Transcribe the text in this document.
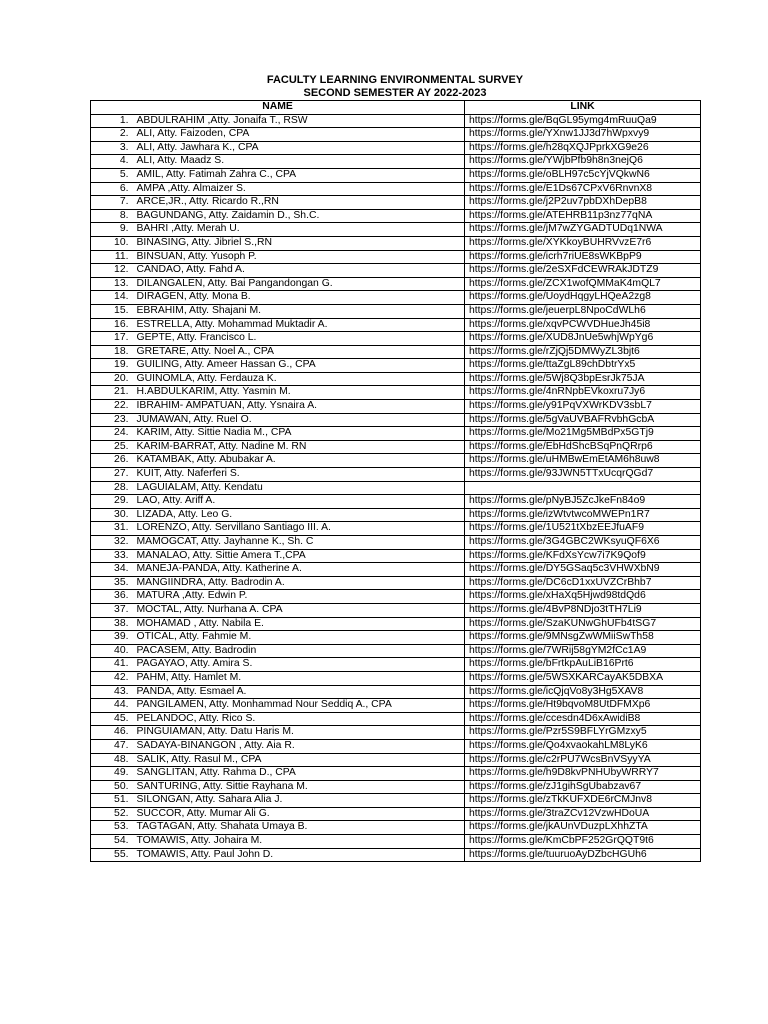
FACULTY LEARNING ENVIRONMENTAL SURVEY
SECOND SEMESTER AY 2022-2023
NAME		LINK
1.	ABDULRAHIM ,Atty. Jonaifa T., RSW	https://forms.gle/BqGL95ymg4mRuuQa9
2.	ALI, Atty. Faizoden, CPA	https://forms.gle/YXnw1JJ3d7hWpxvy9
3.	ALI, Atty. Jawhara K., CPA	https://forms.gle/h28qXQJPprkXG9e26
4.	ALI, Atty. Maadz S.	https://forms.gle/YWjbPfb9h8n3nejQ6
5.	AMIL, Atty. Fatimah Zahra C., CPA	https://forms.gle/oBLH97c5cYjVQkwN6
6.	AMPA ,Atty. Almaizer S.	https://forms.gle/E1Ds67CPxV6RnvnX8
7.	ARCE,JR., Atty. Ricardo R.,RN	https://forms.gle/j2P2uv7pbDXhDepB8
8.	BAGUNDANG, Atty. Zaidamin D., Sh.C.	https://forms.gle/ATEHRB11p3nz77qNA
9.	BAHRI ,Atty. Merah U.	https://forms.gle/jM7wZYGADTUDq1NWA
10.	BINASING, Atty. Jibriel S.,RN	https://forms.gle/XYKkoyBUHRVvzE7r6
11.	BINSUAN, Atty. Yusoph P.	https://forms.gle/icrh7riUE8sWKBpP9
12.	CANDAO, Atty. Fahd A.	https://forms.gle/2eSXFdCEWRAkJDTZ9
13.	DILANGALEN, Atty. Bai Pangandongan G.	https://forms.gle/ZCX1wofQMMaK4mQL7
14.	DIRAGEN, Atty. Mona B.	https://forms.gle/UoydHqgyLHQeA2zg8
15.	EBRAHIM, Atty. Shajani M.	https://forms.gle/jeuerpL8NpoCdWLh6
16.	ESTRELLA, Atty. Mohammad Muktadir A.	https://forms.gle/xqvPCWVDHueJh45i8
17.	GEPTE, Atty. Francisco L.	https://forms.gle/XUD8JnUe5whjWpYg6
18.	GRETARE, Atty. Noel A., CPA	https://forms.gle/rZjQj5DMWyZL3bjt6
19.	GUILING, Atty. Ameer Hassan G., CPA	https://forms.gle/ttaZgL89chDbtrYx5
20.	GUINOMLA, Atty. Ferdauza K.	https://forms.gle/5Wj8Q3bpEsrJk75JA
21.	H.ABDULKARIM, Atty. Yasmin M.	https://forms.gle/4nRNpbEVkoxru7Jy6
22.	IBRAHIM- AMPATUAN, Atty. Ysnaira A.	https://forms.gle/y91PqVXWrKDV3sbL7
23.	JUMAWAN, Atty. Ruel O.	https://forms.gle/5gVaUVBAFRvbhGcbA
24.	KARIM, Atty. Sittie Nadia M., CPA	https://forms.gle/Mo21Mg5MBdPx5GTj9
25.	KARIM-BARRAT, Atty. Nadine M. RN	https://forms.gle/EbHdShcBSqPnQRrp6
26.	KATAMBAK, Atty. Abubakar A.	https://forms.gle/uHMBwEmEtAM6h8uw8
27.	KUIT, Atty. Naferferi S.	https://forms.gle/93JWN5TTxUcqrQGd7
28.	LAGUIALAM, Atty. Kendatu	
29.	LAO, Atty. Ariff A.	https://forms.gle/pNyBJ5ZcJkeFn84o9
30.	LIZADA, Atty. Leo G.	https://forms.gle/izWtvtwcoMWEPn1R7
31.	LORENZO, Atty. Servillano Santiago III. A.	https://forms.gle/1U521tXbzEEJfuAF9
32.	MAMOGCAT, Atty. Jayhanne K., Sh. C	https://forms.gle/3G4GBC2WKsyuQF6X6
33.	MANALAO, Atty. Sittie Amera T.,CPA	https://forms.gle/KFdXsYcw7i7K9Qof9
34.	MANEJA-PANDA, Atty. Katherine A.	https://forms.gle/DY5GSaq5c3VHWXbN9
35.	MANGIINDRA, Atty. Badrodin A.	https://forms.gle/DC6cD1xxUVZCrBhb7
36.	MATURA ,Atty. Edwin P.	https://forms.gle/xHaXq5Hjwd98tdQd6
37.	MOCTAL, Atty. Nurhana A. CPA	https://forms.gle/4BvP8NDjo3tTH7Li9
38.	MOHAMAD , Atty. Nabila E.	https://forms.gle/SzaKUNwGhUFb4tSG7
39.	OTICAL, Atty. Fahmie M.	https://forms.gle/9MNsgZwWMiiSwTh58
40.	PACASEM, Atty. Badrodin	https://forms.gle/7WRij58gYM2fCc1A9
41.	PAGAYAO, Atty. Amira S.	https://forms.gle/bFrtkpAuLiB16Prt6
42.	PAHM, Atty. Hamlet M.	https://forms.gle/5WSXKARCayAK5DBXA
43.	PANDA, Atty. Esmael A.	https://forms.gle/icQjqVo8y3Hg5XAV8
44.	PANGILAMEN, Atty. Monhammad Nour Seddiq A., CPA	https://forms.gle/Ht9bqvoM8UtDFMXp6
45.	PELANDOC, Atty. Rico S.	https://forms.gle/ccesdn4D6xAwidiB8
46.	PINGUIAMAN, Atty. Datu Haris M.	https://forms.gle/Pzr5S9BFLYrGMzxy5
47.	SADAYA-BINANGON , Atty. Aia R.	https://forms.gle/Qo4xvaokahLM8LyK6
48.	SALIK, Atty. Rasul M., CPA	https://forms.gle/c2rPU7WcsBnVSyyYA
49.	SANGLITAN, Atty. Rahma D., CPA	https://forms.gle/h9D8kvPNHUbyWRRY7
50.	SANTURING, Atty. Sittie Rayhana M.	https://forms.gle/zJ1gihSgUbabzav67
51.	SILONGAN, Atty. Sahara Alia J.	https://forms.gle/zTkKUFXDE6rCMJnv8
52.	SUCCOR, Atty. Mumar Ali G.	https://forms.gle/3traZCv12VzwHDoUA
53.	TAGTAGAN, Atty. Shahata Umaya B.	https://forms.gle/jkAUnVDuzpLXhhZTA
54.	TOMAWIS, Atty. Johaira M.	https://forms.gle/KmCbPF252GrQQT9t6
55.	TOMAWIS, Atty. Paul John D.	https://forms.gle/tuuruoAyDZbcHGUh6
